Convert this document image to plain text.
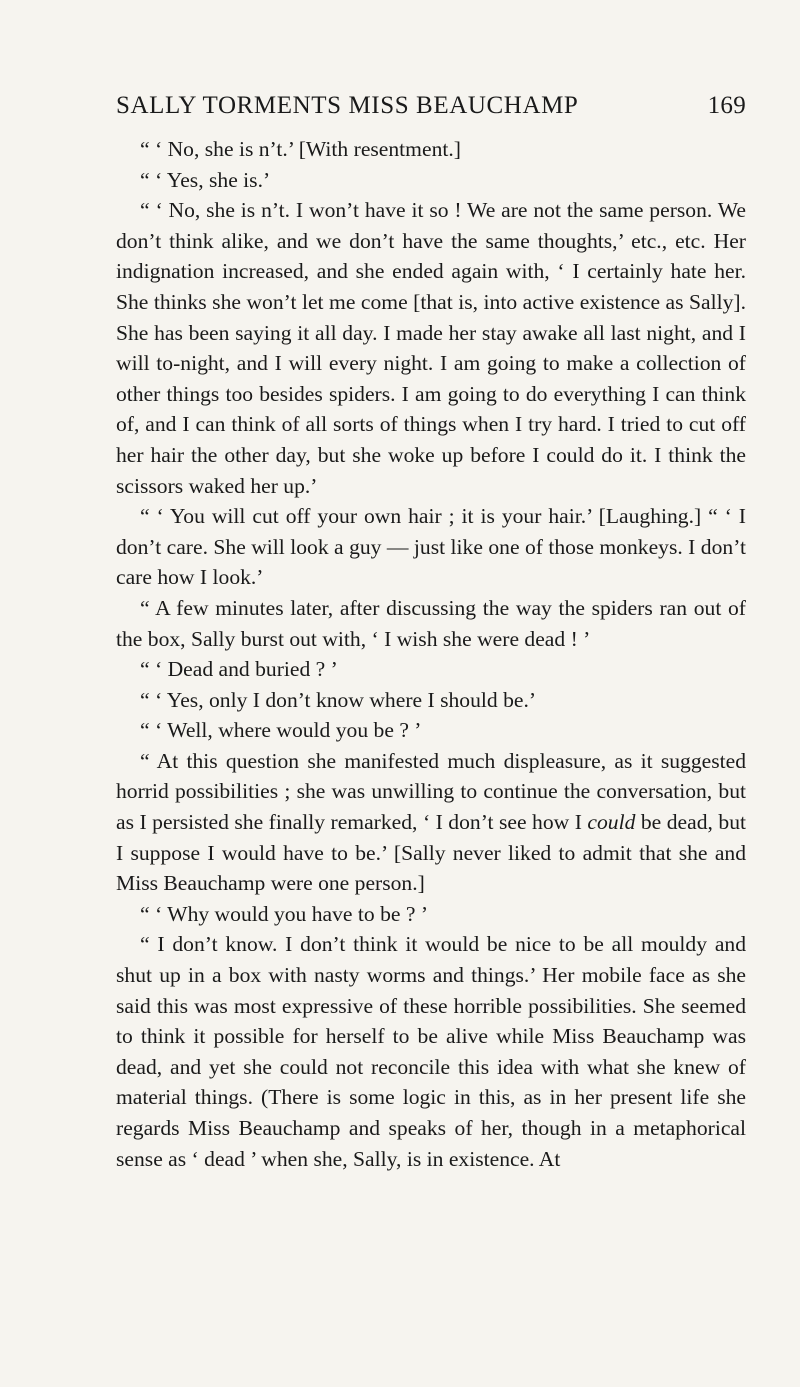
SALLY TORMENTS MISS BEAUCHAMP	169

“ ‘ No, she is n’t.’ [With resentment.]

“ ‘ Yes, she is.’

“ ‘ No, she is n’t. I won’t have it so ! We are not the same person. We don’t think alike, and we don’t have the same thoughts,’ etc., etc. Her indignation increased, and she ended again with, ‘ I certainly hate her. She thinks she won’t let me come [that is, into active existence as Sally]. She has been saying it all day. I made her stay awake all last night, and I will to-night, and I will every night. I am going to make a collection of other things too besides spiders. I am going to do everything I can think of, and I can think of all sorts of things when I try hard. I tried to cut off her hair the other day, but she woke up before I could do it. I think the scissors waked her up.’

“ ‘ You will cut off your own hair ; it is your hair.’ [Laughing.] “ ‘ I don’t care. She will look a guy — just like one of those monkeys. I don’t care how I look.’

“ A few minutes later, after discussing the way the spiders ran out of the box, Sally burst out with, ‘ I wish she were dead ! ’

“ ‘ Dead and buried ? ’

“ ‘ Yes, only I don’t know where I should be.’

“ ‘ Well, where would you be ? ’

“ At this question she manifested much displeasure, as it suggested horrid possibilities ; she was unwilling to continue the conversation, but as I persisted she finally remarked, ‘ I don’t see how I could be dead, but I suppose I would have to be.’ [Sally never liked to admit that she and Miss Beauchamp were one person.]

“ ‘ Why would you have to be ? ’

“ I don’t know. I don’t think it would be nice to be all mouldy and shut up in a box with nasty worms and things.’ Her mobile face as she said this was most expressive of these horrible possibilities. She seemed to think it possible for herself to be alive while Miss Beauchamp was dead, and yet she could not reconcile this idea with what she knew of material things. (There is some logic in this, as in her present life she regards Miss Beauchamp and speaks of her, though in a metaphorical sense as ‘ dead ’ when she, Sally, is in existence. At
